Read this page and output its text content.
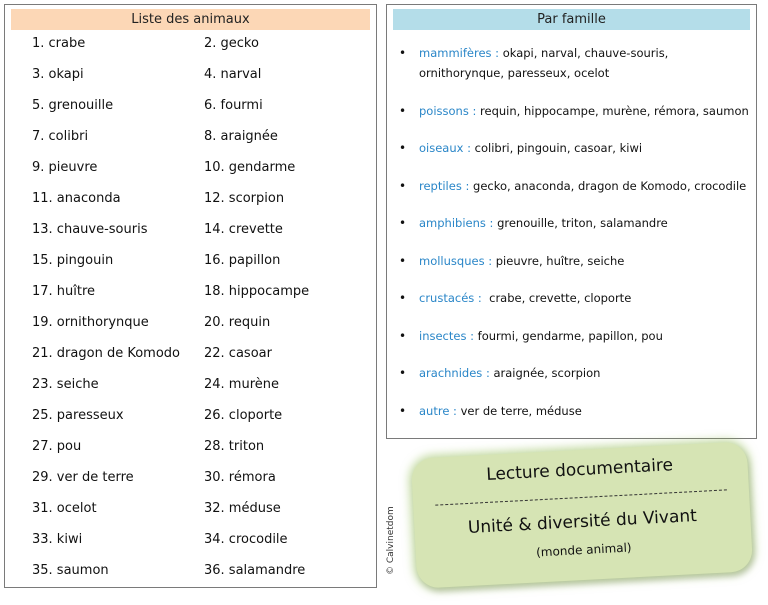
Liste des animaux
1. crabe	2. gecko
3. okapi	4. narval
5. grenouille	6. fourmi
7. colibri	8. araignée
9. pieuvre	10. gendarme
11. anaconda	12. scorpion
13. chauve-souris	14. crevette
15. pingouin	16. papillon
17. huître	18. hippocampe
19. ornithorynque	20. requin
21. dragon de Komodo 22. casoar
23. seiche	24. murène
25. paresseux	26. cloporte
27. pou	28. triton
29. ver de terre	30. rémora
31. ocelot	32. méduse
33. kiwi	34. crocodile
35. saumon	36. salamandre
Par famille
• mammifères : okapi, narval, chauve-souris, ornithorynque, paresseux, ocelot
• poissons : requin, hippocampe, murène, rémora, saumon
• oiseaux : colibri, pingouin, casoar, kiwi
• reptiles : gecko, anaconda, dragon de Komodo, crocodile
• amphibiens : grenouille, triton, salamandre
• mollusques : pieuvre, huître, seiche
• crustacés :  crabe, crevette, cloporte
• insectes : fourmi, gendarme, papillon, pou
• arachnides : araignée, scorpion
• autre : ver de terre, méduse
Lecture documentaire
Unité & diversité du Vivant
(monde animal)
© Calvinetdom
